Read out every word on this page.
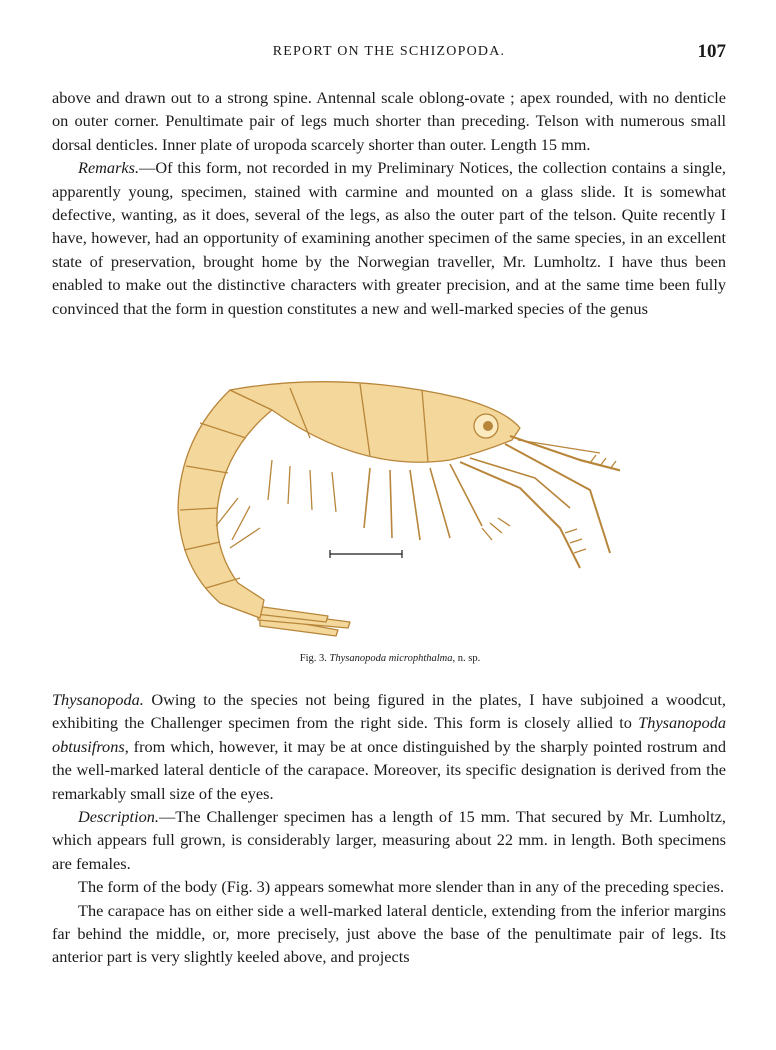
REPORT ON THE SCHIZOPODA.	107

above and drawn out to a strong spine. Antennal scale oblong-ovate ; apex rounded, with no denticle on outer corner. Penultimate pair of legs much shorter than preceding. Telson with numerous small dorsal denticles. Inner plate of uropoda scarcely shorter than outer. Length 15 mm.

Remarks.—Of this form, not recorded in my Preliminary Notices, the collection contains a single, apparently young, specimen, stained with carmine and mounted on a glass slide. It is somewhat defective, wanting, as it does, several of the legs, as also the outer part of the telson. Quite recently I have, however, had an opportunity of examining another specimen of the same species, in an excellent state of preservation, brought home by the Norwegian traveller, Mr. Lumholtz. I have thus been enabled to make out the distinctive characters with greater precision, and at the same time been fully convinced that the form in question constitutes a new and well-marked species of the genus

Fig. 3. Thysanopoda microphthalma, n. sp.

Thysanopoda. Owing to the species not being figured in the plates, I have subjoined a woodcut, exhibiting the Challenger specimen from the right side. This form is closely allied to Thysanopoda obtusifrons, from which, however, it may be at once distinguished by the sharply pointed rostrum and the well-marked lateral denticle of the carapace. Moreover, its specific designation is derived from the remarkably small size of the eyes.

Description.—The Challenger specimen has a length of 15 mm. That secured by Mr. Lumholtz, which appears full grown, is considerably larger, measuring about 22 mm. in length. Both specimens are females.

The form of the body (Fig. 3) appears somewhat more slender than in any of the preceding species.

The carapace has on either side a well-marked lateral denticle, extending from the inferior margins far behind the middle, or, more precisely, just above the base of the penultimate pair of legs. Its anterior part is very slightly keeled above, and projects
